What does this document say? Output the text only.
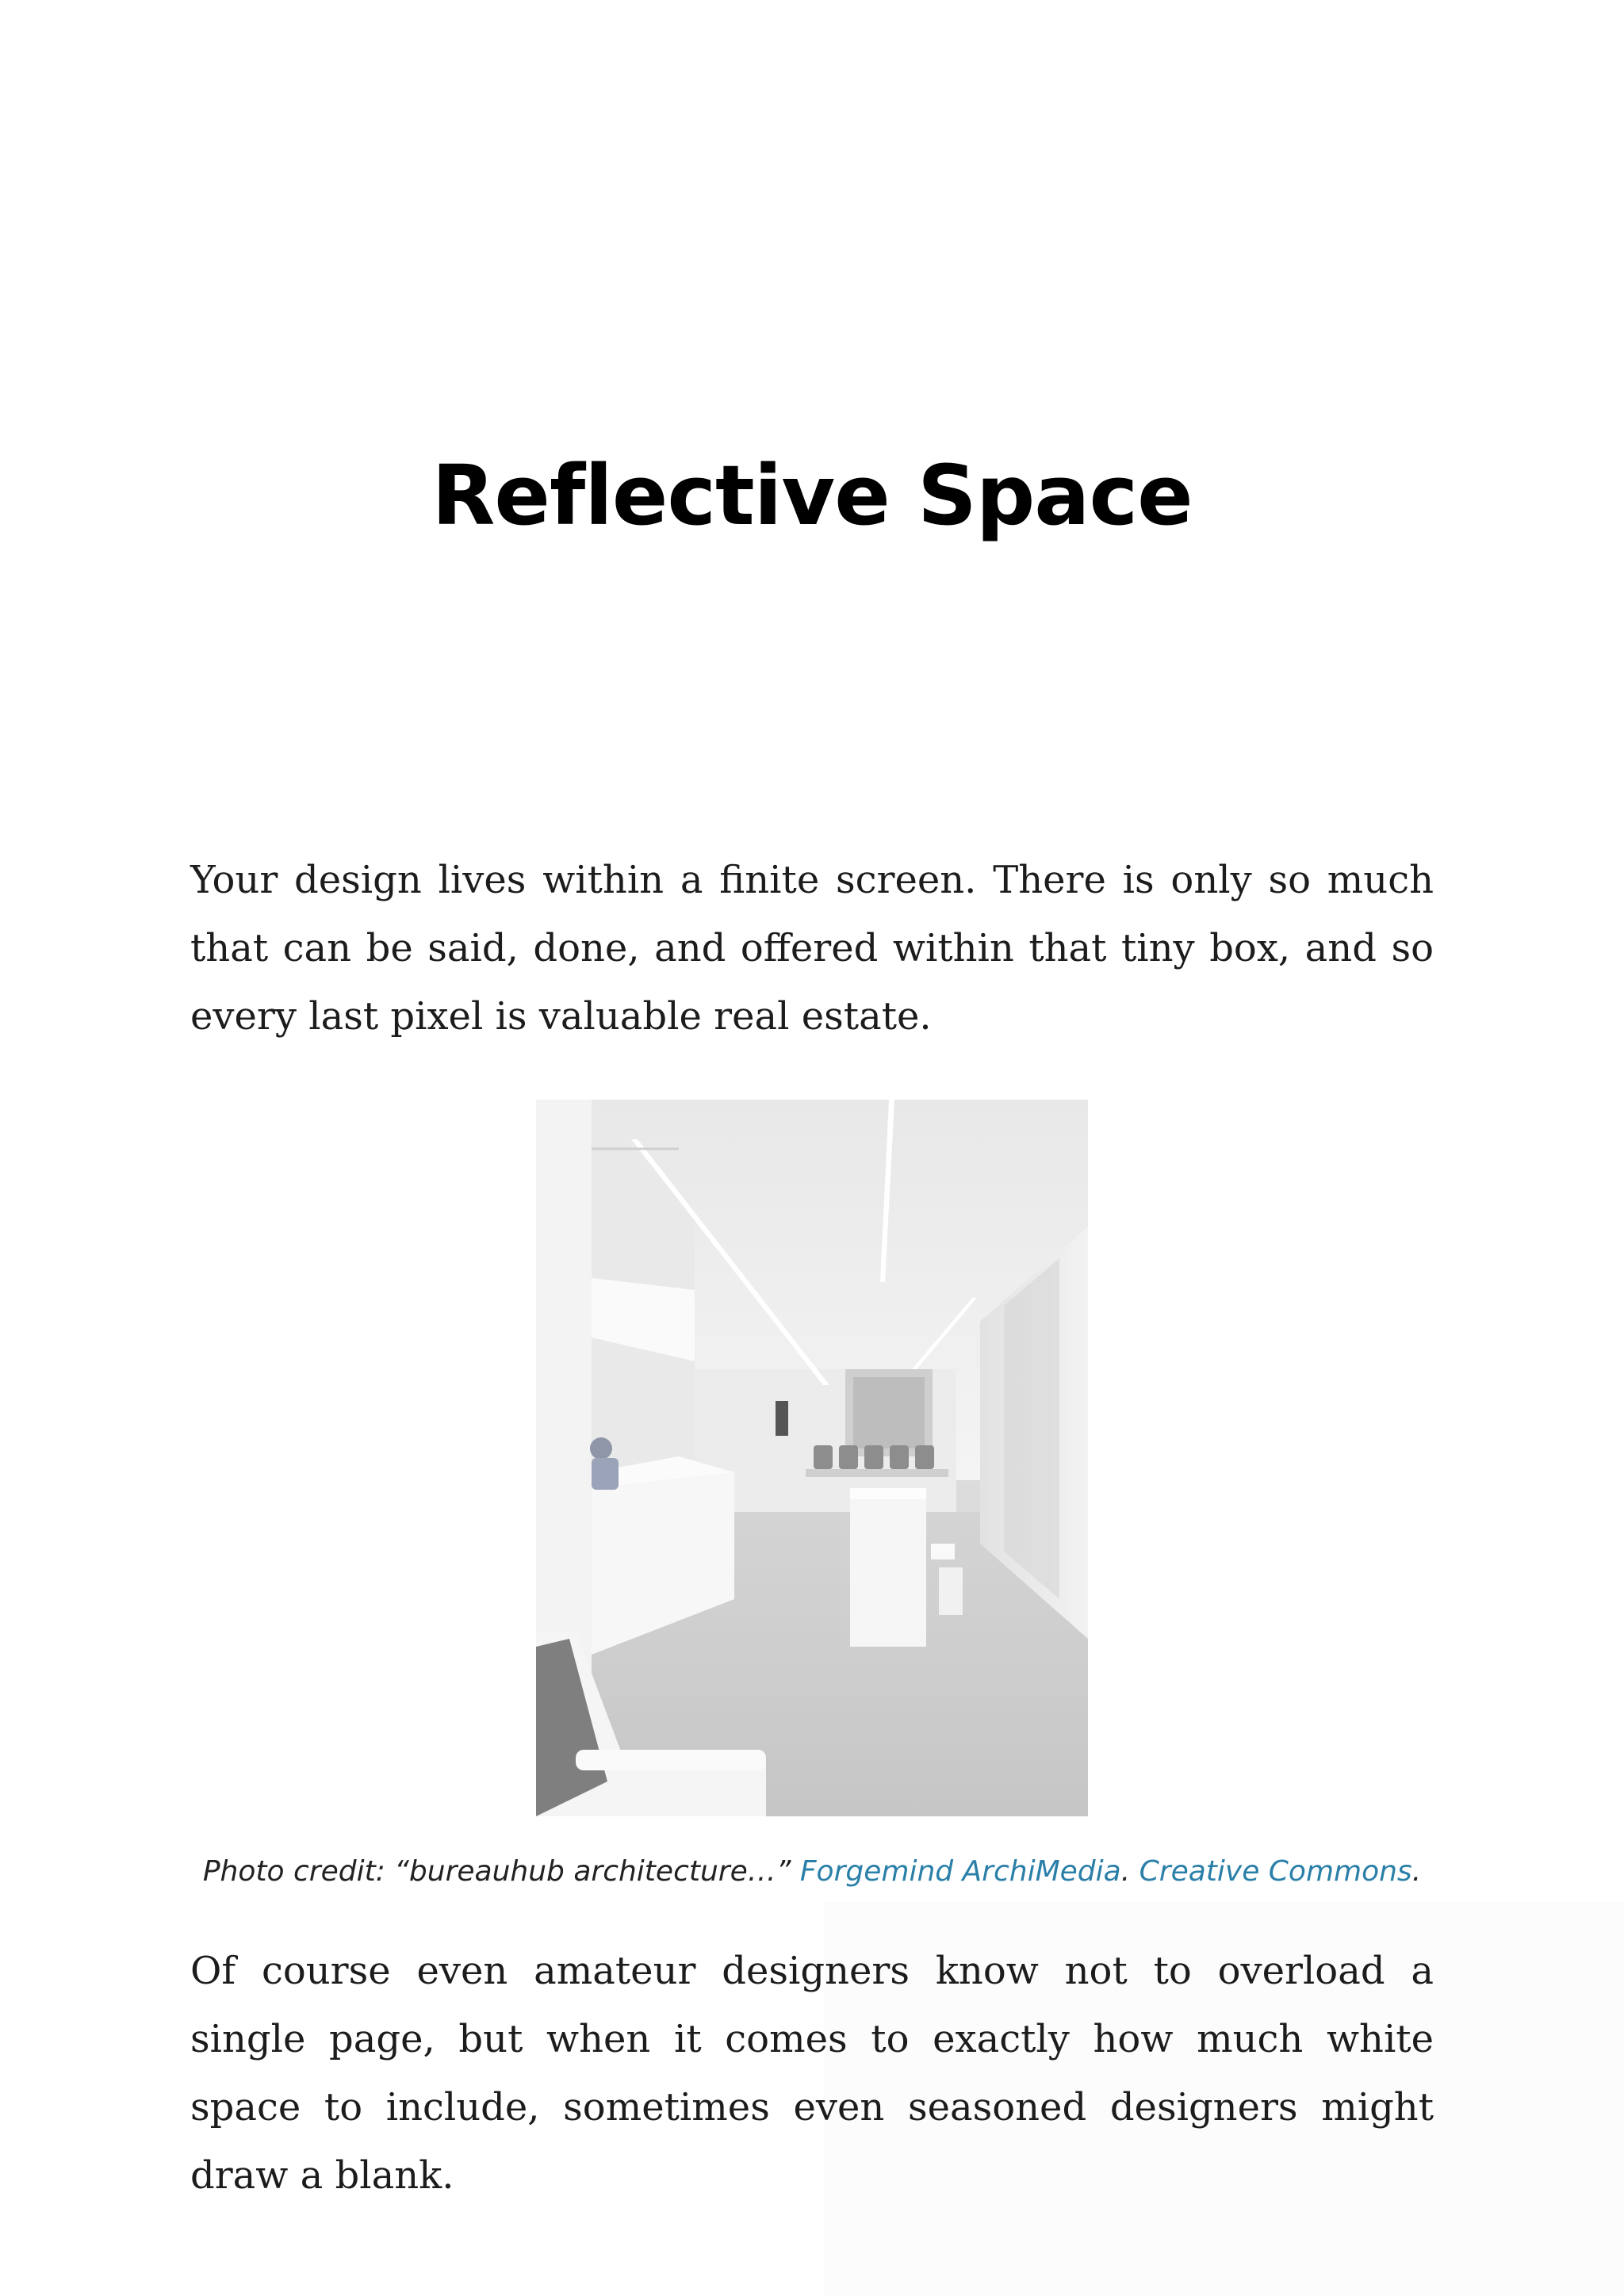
Reflective Space

Your design lives within a finite screen. There is only so much that can be said, done, and offered within that tiny box, and so every last pixel is valuable real estate.

Photo credit: “bureauhub architecture…” Forgemind ArchiMedia. Creative Commons.

Of course even amateur designers know not to overload a single page, but when it comes to exactly how much white space to include, sometimes even seasoned designers might draw a blank.
